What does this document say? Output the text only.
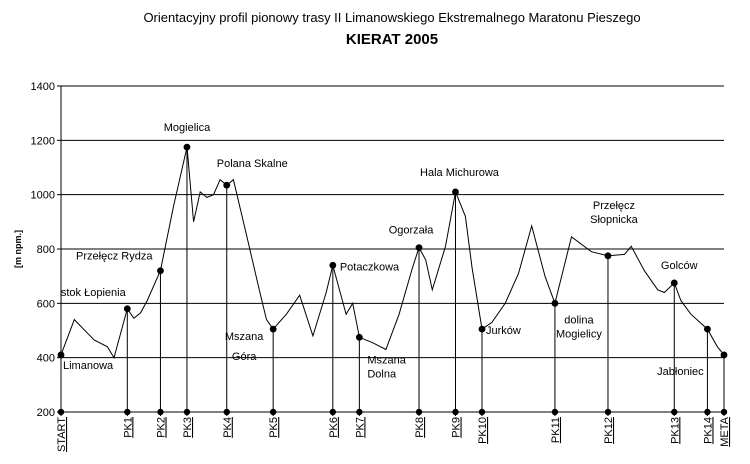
Orientacyjny profil pionowy trasy II Limanowskiego Ekstremalnego Maratonu Pieszego
KIERAT 2005
200
400
600
800
1000
1200
1400
START	PK1 PK2 PK3	PK4	PK5	PK6 PK7	PK8 PK9 PK10	PK11	PK12	PK13 PK14 META
Limanowa
stok Łopienia
Przełęcz Rydza
Mogielica
Polana Skalne
Mszana Góra
Potaczkowa
Mszana Dolna
Ogorzała
Hala Michurowa
Jurków
dolina Mogielicy
Przełęcz Słopnicka
Golców
Jabłoniec
[m npm.]
